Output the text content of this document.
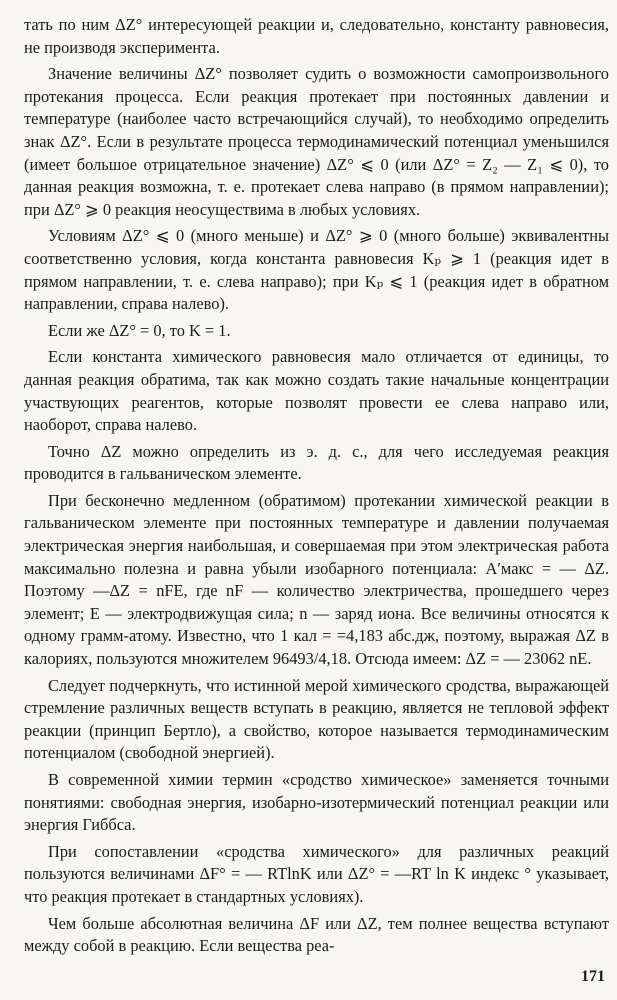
тать по ним ΔZ° интересующей реакции и, следовательно, константу равновесия, не производя эксперимента.

Значение величины ΔZ° позволяет судить о возможности самопроизвольного протекания процесса. Если реакция протекает при постоянных давлении и температуре (наиболее часто встречающийся случай), то необходимо определить знак ΔZ°. Если в результате процесса термодинамический потенциал уменьшился (имеет большое отрицательное значение) ΔZ° ⩽ 0 (или ΔZ° = Z₂ — Z₁ ⩽ 0), то данная реакция возможна, т. е. протекает слева направо (в прямом направлении); при ΔZ° ⩾ 0 реакция неосуществима в любых условиях.

Условиям ΔZ° ⩽ 0 (много меньше) и ΔZ° ⩾ 0 (много больше) эквивалентны соответственно условия, когда константа равновесия Kₚ ⩾ 1 (реакция идет в прямом направлении, т. е. слева направо); при Kₚ ⩽ 1 (реакция идет в обратном направлении, справа налево).

Если же ΔZ° = 0, то K = 1.

Если константа химического равновесия мало отличается от единицы, то данная реакция обратима, так как можно создать такие начальные концентрации участвующих реагентов, которые позволят провести ее слева направо или, наоборот, справа налево.

Точно ΔZ можно определить из э. д. с., для чего исследуемая реакция проводится в гальваническом элементе.

При бесконечно медленном (обратимом) протекании химической реакции в гальваническом элементе при постоянных температуре и давлении получаемая электрическая энергия наибольшая, и совершаемая при этом электрическая работа максимально полезна и равна убыли изобарного потенциала: A′макс = — ΔZ. Поэтому —ΔZ = nFE, где nF — количество электричества, прошедшего через элемент; E — электродвижущая сила; n — заряд иона. Все величины относятся к одному грамм-атому. Известно, что 1 кал = =4,183 абс.дж, поэтому, выражая ΔZ в калориях, пользуются множителем 96493/4,18. Отсюда имеем: ΔZ = — 23062 nE.

Следует подчеркнуть, что истинной мерой химического сродства, выражающей стремление различных веществ вступать в реакцию, является не тепловой эффект реакции (принцип Бертло), а свойство, которое называется термодинамическим потенциалом (свободной энергией).

В современной химии термин «сродство химическое» заменяется точными понятиями: свободная энергия, изобарно-изотермический потенциал реакции или энергия Гиббса.

При сопоставлении «сродства химического» для различных реакций пользуются величинами ΔF° = — RTlnK или ΔZ° = —RT ln K индекс ° указывает, что реакция протекает в стандартных условиях).

Чем больше абсолютная величина ΔF или ΔZ, тем полнее вещества вступают между собой в реакцию. Если вещества реа-

171
